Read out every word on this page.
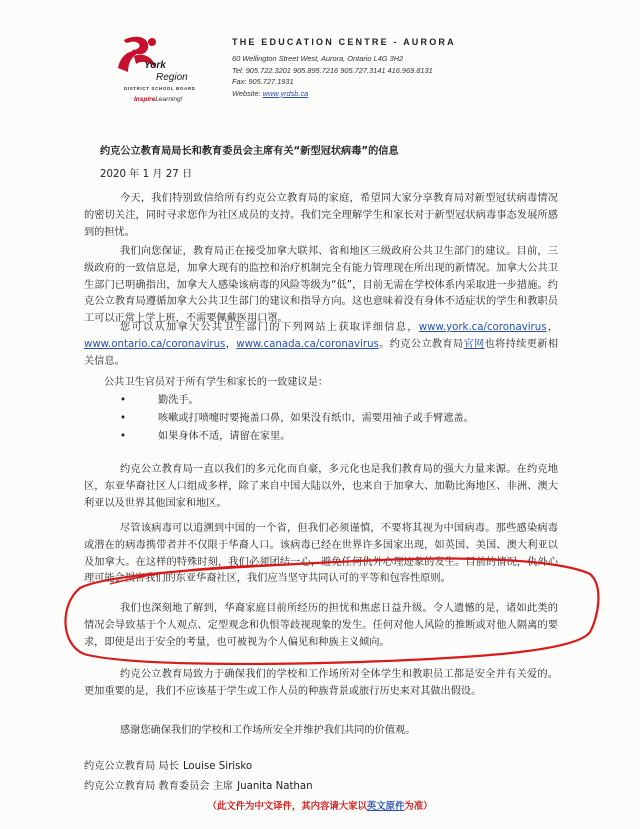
York
Region
DISTRICT SCHOOL BOARD
InspireLearning!
THE EDUCATION CENTRE - AURORA
60 Wellington Street West, Aurora, Ontario L4G 3H2
Tel: 905.722.3201 905.895.7216 905.727.3141 416.969.8131
Fax: 905.727.1931
Website: www.yrdsb.ca
约克公立教育局局长和教育委员会主席有关“新型冠状病毒”的信息
2020 年 1 月 27 日
今天，我们特别致信给所有约克公立教育局的家庭，希望同大家分享教育局对新型冠状病毒情况的密切关注，同时寻求您作为社区成员的支持。我们完全理解学生和家长对于新型冠状病毒事态发展所感到的担忧。
我们向您保证，教育局正在接受加拿大联邦、省和地区三级政府公共卫生部门的建议。目前，三级政府的一致信息是，加拿大现有的监控和治疗机制完全有能力管理现在所出现的新情况。加拿大公共卫生部门已明确指出，加拿大人感染该病毒的风险等级为“低”，目前无需在学校体系内采取进一步措施。约克公立教育局遵循加拿大公共卫生部门的建议和指导方向。这也意味着没有身体不适症状的学生和教职员工可以正常上学上班，不需要佩戴医用口罩。
您可以从加拿大公共卫生部门的下列网站上获取详细信息，www.york.ca/coronavirus，www.ontario.ca/coronavirus，www.canada.ca/coronavirus。约克公立教育局官网也将持续更新相关信息。
公共卫生官员对于所有学生和家长的一致建议是：
•	勤洗手。
•	咳嗽或打喷嚏时要掩盖口鼻，如果没有纸巾，需要用袖子或手臂遮盖。
•	如果身体不适，请留在家里。
约克公立教育局一直以我们的多元化而自豪，多元化也是我们教育局的强大力量来源。在约克地区，东亚华裔社区人口组成多样，除了来自中国大陆以外，也来自于加拿大、加勒比海地区、非洲、澳大利亚以及世界其他国家和地区。
尽管该病毒可以追溯到中国的一个省，但我们必须谨慎，不要将其视为中国病毒。那些感染病毒或潜在的病毒携带者并不仅限于华裔人口。该病毒已经在世界许多国家出现，如英国、美国、澳大利亚以及加拿大。在这样的特殊时刻，我们必须团结一心，避免任何仇外心理迹象的发生。目前的情况，仇外心理可能会损害我们的东亚华裔社区，我们应当坚守共同认可的平等和包容性原则。
我们也深刻地了解到，华裔家庭目前所经历的担忧和焦虑日益升级。令人遗憾的是，诸如此类的情况会导致基于个人观点、定型观念和仇恨等歧视现象的发生。任何对他人风险的推断或对他人隔离的要求，即使是出于安全的考量，也可被视为个人偏见和种族主义倾向。
约克公立教育局致力于确保我们的学校和工作场所对全体学生和教职员工都是安全并有关爱的。更加重要的是，我们不应该基于学生或工作人员的种族背景或旅行历史来对其做出假设。
感谢您确保我们的学校和工作场所安全并维护我们共同的价值观。
约克公立教育局 局长 Louise Sirisko
约克公立教育局 教育委员会 主席 Juanita Nathan
（此文件为中文译件，其内容请大家以英文原件为准）
